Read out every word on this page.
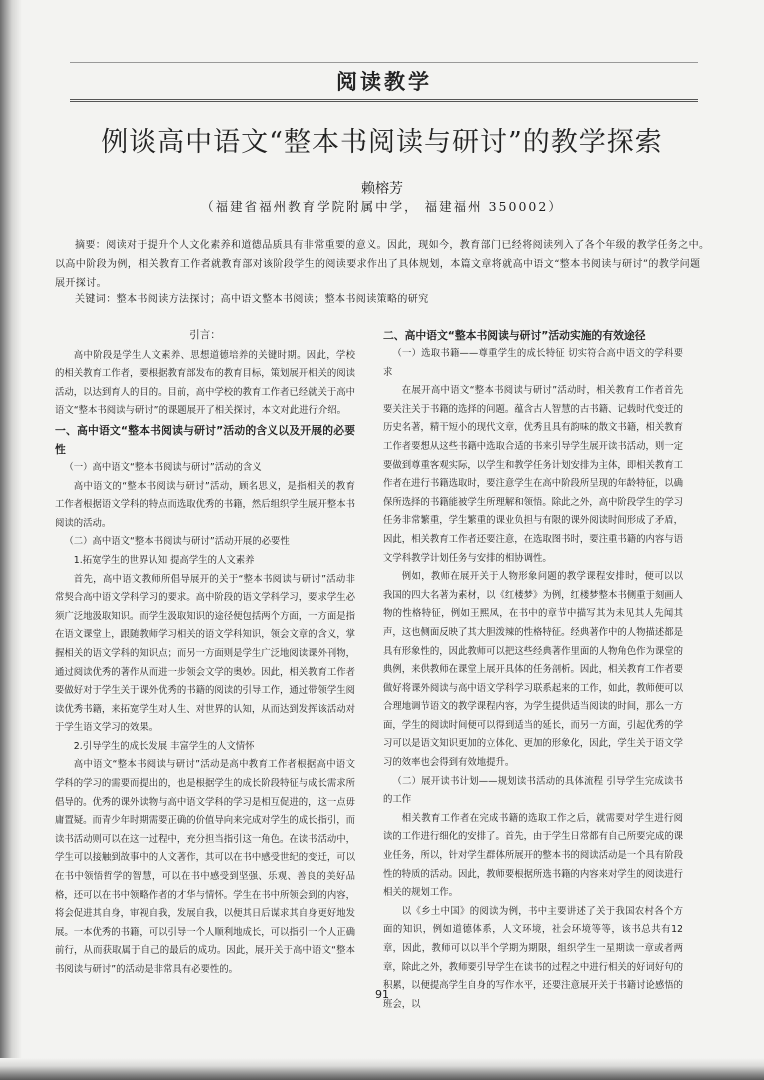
阅读教学
例谈高中语文“整本书阅读与研讨”的教学探索
赖榕芳
（福建省福州教育学院附属中学， 福建福州 350002）

摘要：阅读对于提升个人文化素养和道德品质具有非常重要的意义。因此，现如今，教育部门已经将阅读列入了各个年级的教学任务之中。以高中阶段为例，相关教育工作者就教育部对该阶段学生的阅读要求作出了具体规划，本篇文章将就高中语文“整本书阅读与研讨”的教学问题展开探讨。

关键词：整本书阅读方法探讨；高中语文整本书阅读；整本书阅读策略的研究

引言：

高中阶段是学生人文素养、思想道德培养的关键时期。因此，学校的相关教育工作者，要根据教育部发布的教育目标，策划展开相关的阅读活动，以达到育人的目的。目前，高中学校的教育工作者已经就关于高中语文“整本书阅读与研讨”的课题展开了相关探讨，本文对此进行介绍。

一、高中语文“整本书阅读与研讨”活动的含义以及开展的必要性

（一）高中语文“整本书阅读与研讨”活动的含义

高中语文的“整本书阅读与研讨”活动，顾名思义，是指相关的教育工作者根据语文学科的特点而选取优秀的书籍，然后组织学生展开整本书阅读的活动。

（二）高中语文“整本书阅读与研讨”活动开展的必要性

1.拓宽学生的世界认知 提高学生的人文素养

首先，高中语文教师所倡导展开的关于“整本书阅读与研讨”活动非常契合高中语文学科学习的要求。高中阶段的语文学科学习，要求学生必须广泛地汲取知识。而学生汲取知识的途径便包括两个方面，一方面是指在语文课堂上，跟随教师学习相关的语文学科知识，领会文章的含义，掌握相关的语文学科的知识点；而另一方面则是学生广泛地阅读课外刊物，通过阅读优秀的著作从而进一步领会文学的奥妙。因此，相关教育工作者要做好对于学生关于课外优秀的书籍的阅读的引导工作，通过带领学生阅读优秀书籍，来拓宽学生对人生、对世界的认知，从而达到发挥该活动对于学生语文学习的效果。

2.引导学生的成长发展 丰富学生的人文情怀

高中语文“整本书阅读与研讨”活动是高中教育工作者根据高中语文学科的学习的需要而提出的，也是根据学生的成长阶段特征与成长需求所倡导的。优秀的课外读物与高中语文学科的学习是相互促进的，这一点毋庸置疑。而青少年时期需要正确的价值导向来完成对学生的成长指引，而读书活动则可以在这一过程中，充分担当指引这一角色。在读书活动中，学生可以接触到故事中的人文著作，其可以在书中感受世纪的变迁，可以在书中领悟哲学的智慧，可以在书中感受到坚强、乐观、善良的美好品格，还可以在书中领略作者的才华与情怀。学生在书中所领会到的内容，将会促进其自身，审视自我，发展自我，以便其日后谋求其自身更好地发展。一本优秀的书籍，可以引导一个人顺利地成长，可以指引一个人正确前行，从而获取属于自己的最后的成功。因此，展开关于高中语文“整本书阅读与研讨”的活动是非常具有必要性的。

二、高中语文“整本书阅读与研讨”活动实施的有效途径

（一）选取书籍——尊重学生的成长特征 切实符合高中语文的学科要求

在展开高中语文“整本书阅读与研讨”活动时，相关教育工作者首先要关注关于书籍的选择的问题。蕴含古人智慧的古书籍、记载时代变迁的历史名著，精干短小的现代文章，优秀且具有韵味的散文书籍，相关教育工作者要想从这些书籍中选取合适的书来引导学生展开读书活动，则一定要做到尊重客观实际，以学生和教学任务计划安排为主体，即相关教育工作者在进行书籍选取时，要注意学生在高中阶段所呈现的年龄特征，以确保所选择的书籍能被学生所理解和领悟。除此之外，高中阶段学生的学习任务非常繁重，学生繁重的课业负担与有限的课外阅读时间形成了矛盾，因此，相关教育工作者还要注意，在选取图书时，要注重书籍的内容与语文学科教学计划任务与安排的相协调性。

例如，教师在展开关于人物形象问题的教学课程安排时，便可以以我国的四大名著为素材，以《红楼梦》为例，红楼梦整本书侧重于刻画人物的性格特征，例如王熙凤，在书中的章节中描写其为未见其人先闻其声，这也侧面反映了其大胆泼辣的性格特征。经典著作中的人物描述都是具有形象性的，因此教师可以把这些经典著作里面的人物角色作为课堂的典例，来供教师在课堂上展开具体的任务剖析。因此，相关教育工作者要做好将课外阅读与高中语文学科学习联系起来的工作，如此，教师便可以合理地调节语文的教学课程内容，为学生提供适当阅读的时间，那么一方面，学生的阅读时间便可以得到适当的延长，而另一方面，引起优秀的学习可以是语文知识更加的立体化、更加的形象化，因此，学生关于语文学习的效率也会得到有效地提升。

（二）展开读书计划——规划读书活动的具体流程 引导学生完成读书的工作

相关教育工作者在完成书籍的选取工作之后，就需要对学生进行阅读的工作进行细化的安排了。首先，由于学生日常都有自己所要完成的课业任务，所以，针对学生群体所展开的整本书的阅读活动是一个具有阶段性的特质的活动。因此，教师要根据所选书籍的内容来对学生的阅读进行相关的规划工作。

以《乡土中国》的阅读为例，书中主要讲述了关于我国农村各个方面的知识，例如道德体系，人文环境，社会环境等等，该书总共有12章，因此，教师可以以半个学期为期限，组织学生一星期读一章或者两章，除此之外，教师要引导学生在读书的过程之中进行相关的好词好句的积累，以便提高学生自身的写作水平，还要注意展开关于书籍讨论感悟的班会，以

91
